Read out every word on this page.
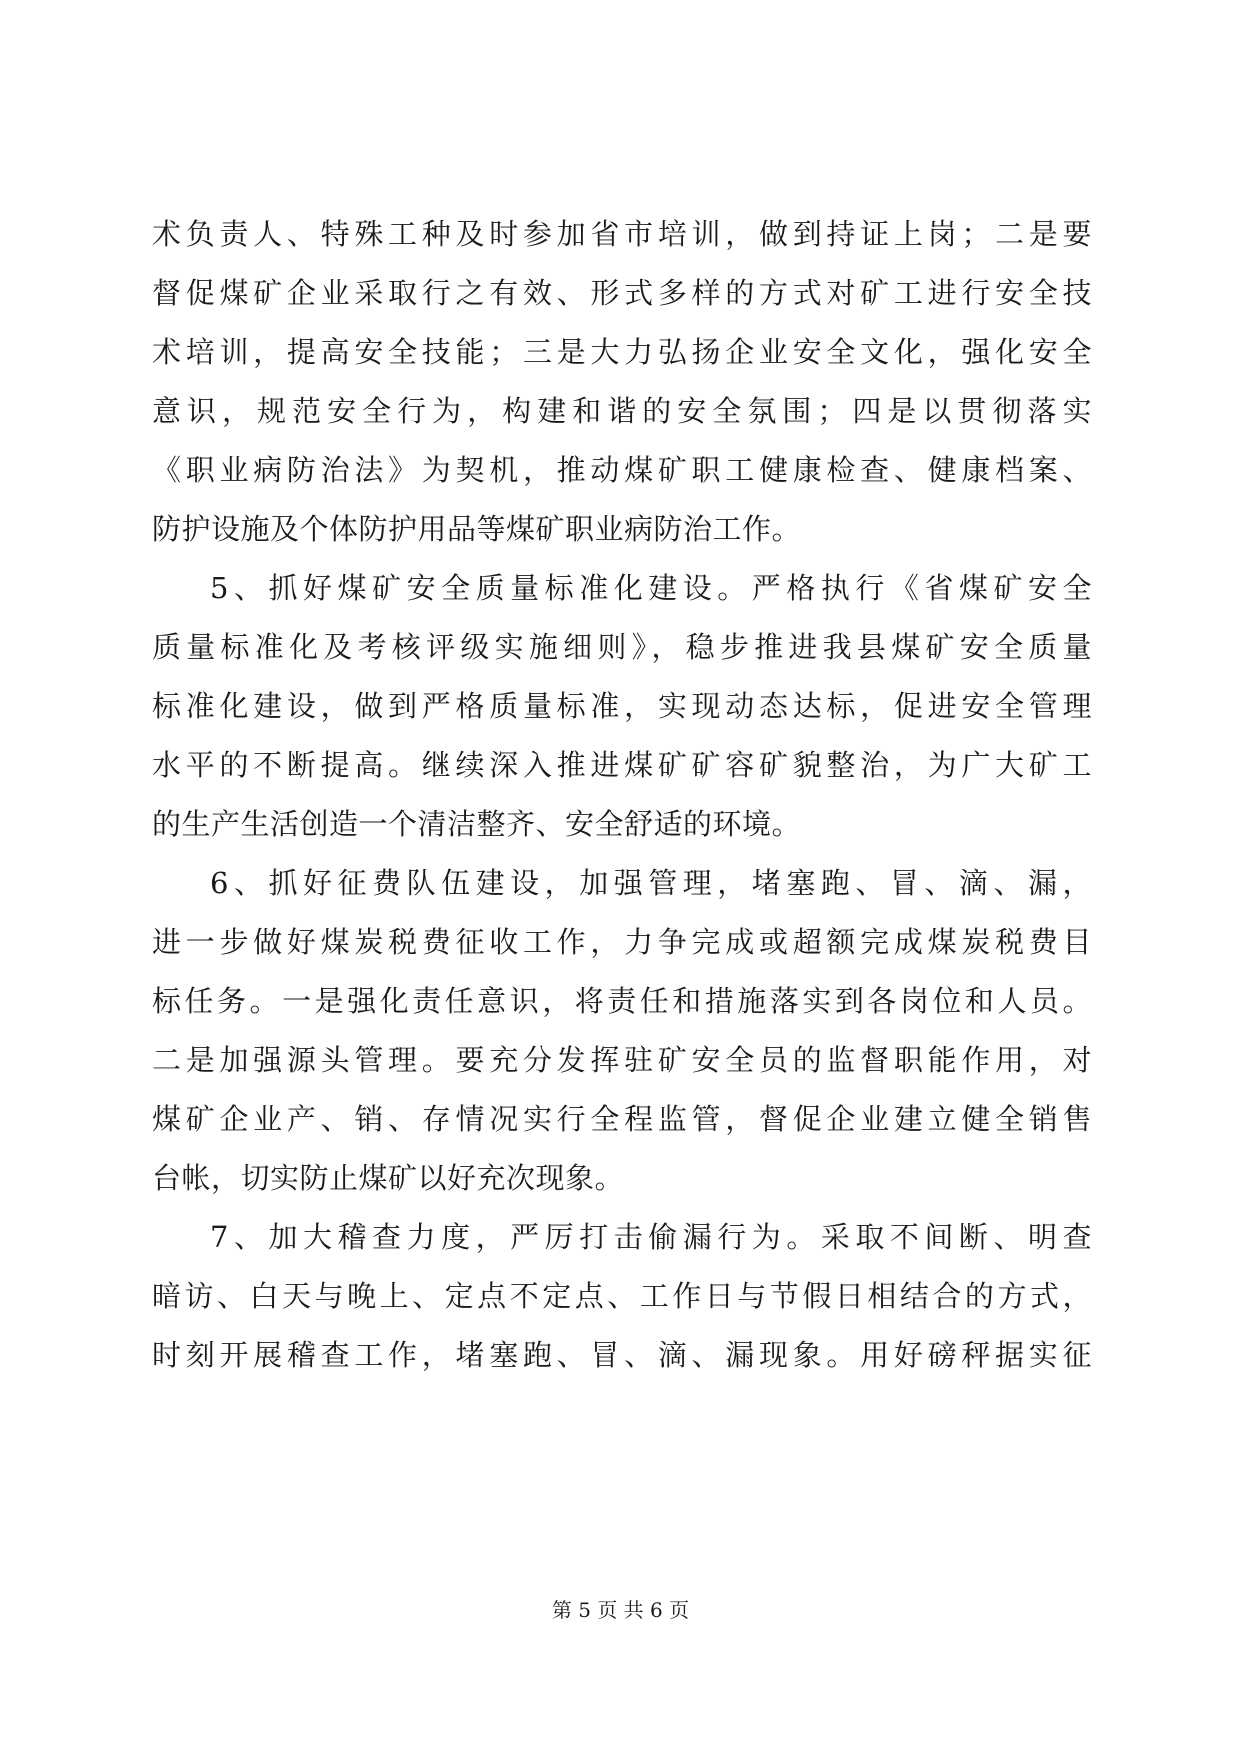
术负责人、特殊工种及时参加省市培训，做到持证上岗；二是要
督促煤矿企业采取行之有效、形式多样的方式对矿工进行安全技
术培训，提高安全技能；三是大力弘扬企业安全文化，强化安全
意识，规范安全行为，构建和谐的安全氛围；四是以贯彻落实
《职业病防治法》为契机，推动煤矿职工健康检查、健康档案、
防护设施及个体防护用品等煤矿职业病防治工作。
5、抓好煤矿安全质量标准化建设。严格执行《省煤矿安全
质量标准化及考核评级实施细则》，稳步推进我县煤矿安全质量
标准化建设，做到严格质量标准，实现动态达标，促进安全管理
水平的不断提高。继续深入推进煤矿矿容矿貌整治，为广大矿工
的生产生活创造一个清洁整齐、安全舒适的环境。
6、抓好征费队伍建设，加强管理，堵塞跑、冒、滴、漏，
进一步做好煤炭税费征收工作，力争完成或超额完成煤炭税费目
标任务。一是强化责任意识，将责任和措施落实到各岗位和人员。
二是加强源头管理。要充分发挥驻矿安全员的监督职能作用，对
煤矿企业产、销、存情况实行全程监管，督促企业建立健全销售
台帐，切实防止煤矿以好充次现象。
7、加大稽查力度，严厉打击偷漏行为。采取不间断、明查
暗访、白天与晚上、定点不定点、工作日与节假日相结合的方式，
时刻开展稽查工作，堵塞跑、冒、滴、漏现象。用好磅秤据实征
第 5 页 共 6 页
